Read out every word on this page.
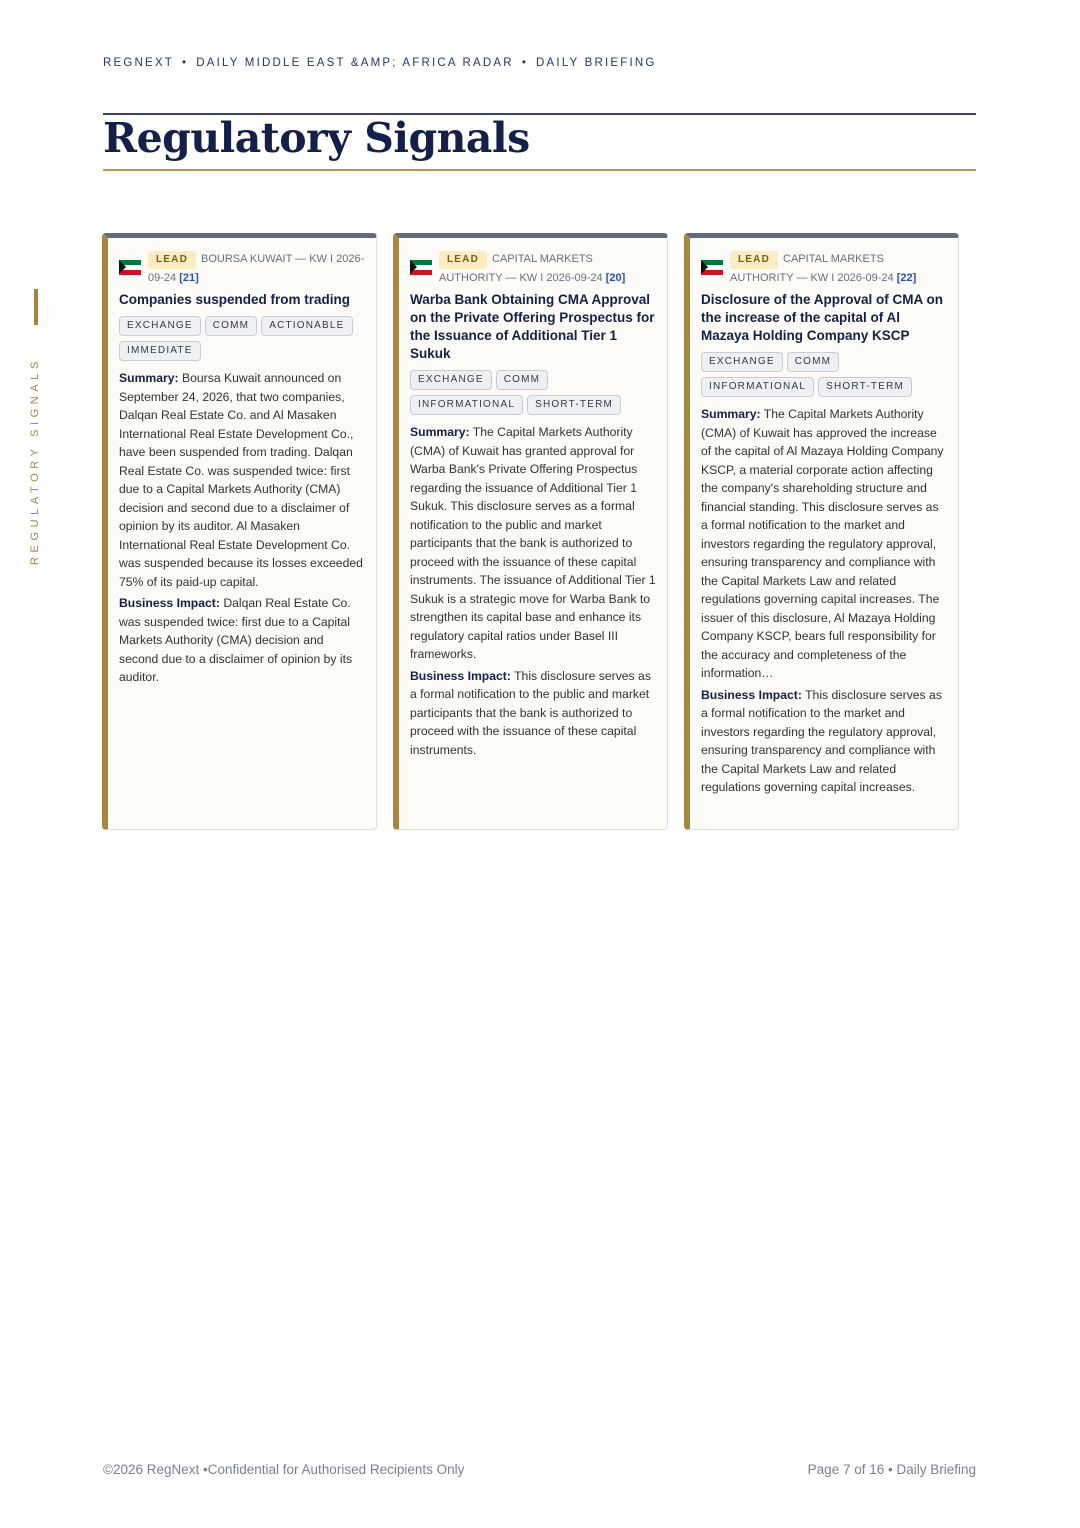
REGNEXT • DAILY MIDDLE EAST &AMP; AFRICA RADAR • DAILY BRIEFING
Regulatory Signals
REGULATORY SIGNALS
LEAD BOURSA KUWAIT — KW I 2026-09-24 [21]
Companies suspended from trading
EXCHANGE COMM ACTIONABLEIMMEDIATE

Summary: Boursa Kuwait announced on September 24, 2026, that two companies, Dalqan Real Estate Co. and Al Masaken International Real Estate Development Co., have been suspended from trading. Dalqan Real Estate Co. was suspended twice: first due to a Capital Markets Authority (CMA) decision and second due to a disclaimer of opinion by its auditor. Al Masaken International Real Estate Development Co. was suspended because its losses exceeded 75% of its paid-up capital.

Business Impact: Dalqan Real Estate Co. was suspended twice: first due to a Capital Markets Authority (CMA) decision and second due to a disclaimer of opinion by its auditor.

LEAD CAPITAL MARKETS AUTHORITY — KW I 2026-09-24 [20]
Warba Bank Obtaining CMA Approval on the Private Offering Prospectus for the Issuance of Additional Tier 1 Sukuk
EXCHANGE COMMINFORMATIONAL SHORT-TERM

Summary: The Capital Markets Authority (CMA) of Kuwait has granted approval for Warba Bank's Private Offering Prospectus regarding the issuance of Additional Tier 1 Sukuk. This disclosure serves as a formal notification to the public and market participants that the bank is authorized to proceed with the issuance of these capital instruments. The issuance of Additional Tier 1 Sukuk is a strategic move for Warba Bank to strengthen its capital base and enhance its regulatory capital ratios under Basel III frameworks.

Business Impact: This disclosure serves as a formal notification to the public and market participants that the bank is authorized to proceed with the issuance of these capital instruments.

LEAD CAPITAL MARKETS AUTHORITY — KW I 2026-09-24 [22]
Disclosure of the Approval of CMA on the increase of the capital of Al Mazaya Holding Company KSCP
EXCHANGE COMMINFORMATIONAL SHORT-TERM

Summary: The Capital Markets Authority (CMA) of Kuwait has approved the increase of the capital of Al Mazaya Holding Company KSCP, a material corporate action affecting the company's shareholding structure and financial standing. This disclosure serves as a formal notification to the market and investors regarding the regulatory approval, ensuring transparency and compliance with the Capital Markets Law and related regulations governing capital increases. The issuer of this disclosure, Al Mazaya Holding Company KSCP, bears full responsibility for the accuracy and completeness of the information…

Business Impact: This disclosure serves as a formal notification to the market and investors regarding the regulatory approval, ensuring transparency and compliance with the Capital Markets Law and related regulations governing capital increases.

©2026 RegNext •Confidential for Authorised Recipients Only	Page 7 of 16 • Daily Briefing
